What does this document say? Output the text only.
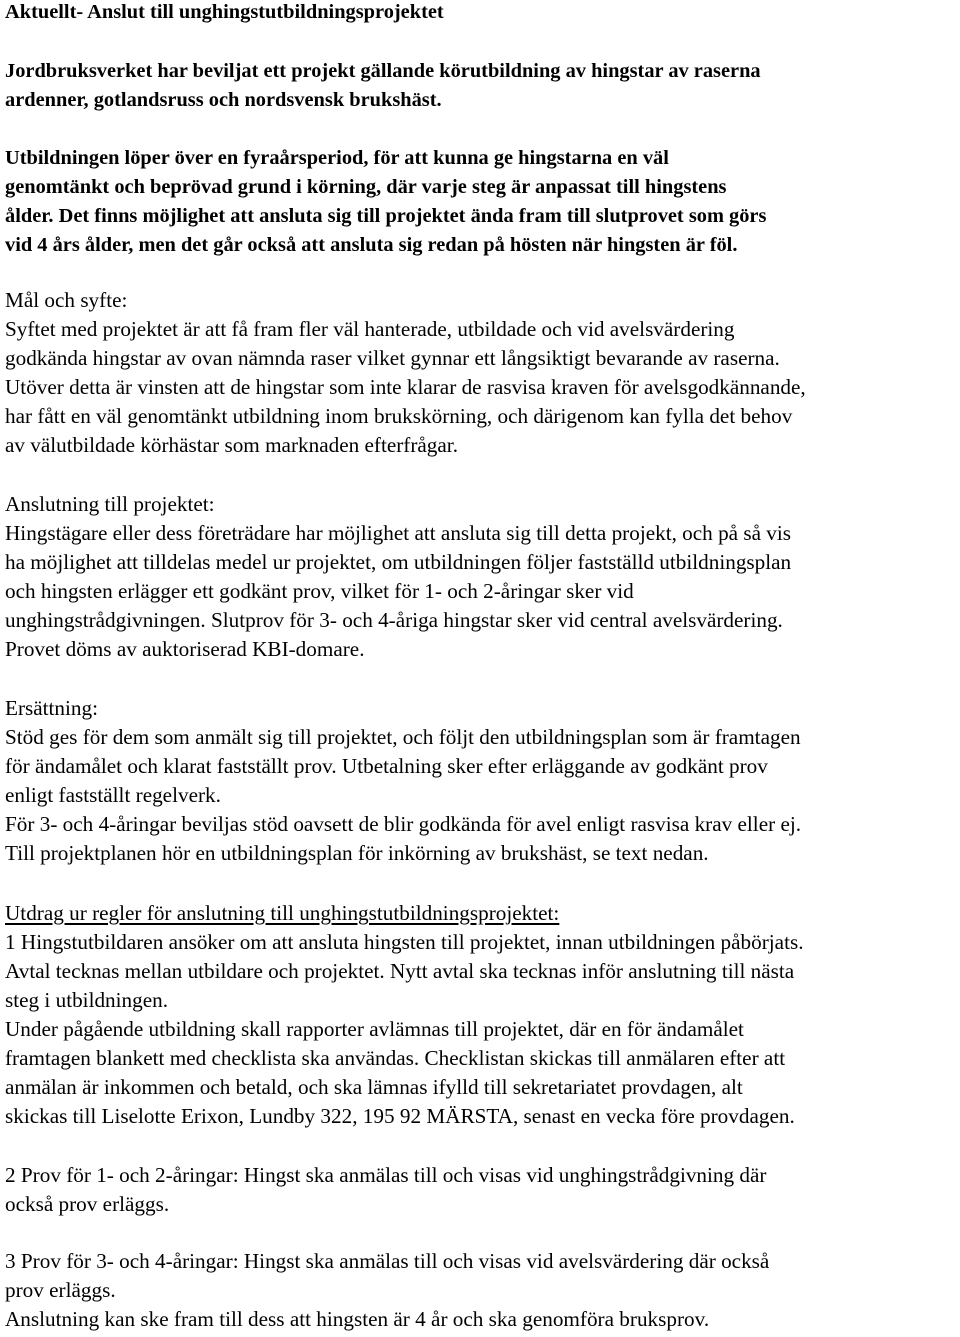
Aktuellt- Anslut till unghingstutbildningsprojektet
Jordbruksverket har beviljat ett projekt gällande körutbildning av hingstar av raserna
ardenner, gotlandsruss och nordsvensk brukshäst.
Utbildningen löper över en fyraårsperiod, för att kunna ge hingstarna en väl
genomtänkt och beprövad grund i körning, där varje steg är anpassat till hingstens
ålder. Det finns möjlighet att ansluta sig till projektet ända fram till slutprovet som görs
vid 4 års ålder, men det går också att ansluta sig redan på hösten när hingsten är föl.
Mål och syfte:
Syftet med projektet är att få fram fler väl hanterade, utbildade och vid avelsvärdering
godkända hingstar av ovan nämnda raser vilket gynnar ett långsiktigt bevarande av raserna.
Utöver detta är vinsten att de hingstar som inte klarar de rasvisa kraven för avelsgodkännande,
har fått en väl genomtänkt utbildning inom brukskörning, och därigenom kan fylla det behov
av välutbildade körhästar som marknaden efterfrågar.
Anslutning till projektet:
Hingstägare eller dess företrädare har möjlighet att ansluta sig till detta projekt, och på så vis
ha möjlighet att tilldelas medel ur projektet, om utbildningen följer fastställd utbildningsplan
och hingsten erlägger ett godkänt prov, vilket för 1- och 2-åringar sker vid
unghingstrådgivningen. Slutprov för 3- och 4-åriga hingstar sker vid central avelsvärdering.
Provet döms av auktoriserad KBI-domare.
Ersättning:
Stöd ges för dem som anmält sig till projektet, och följt den utbildningsplan som är framtagen
för ändamålet och klarat fastställt prov. Utbetalning sker efter erläggande av godkänt prov
enligt fastställt regelverk.
För 3- och 4-åringar beviljas stöd oavsett de blir godkända för avel enligt rasvisa krav eller ej.
Till projektplanen hör en utbildningsplan för inkörning av brukshäst, se text nedan.
Utdrag ur regler för anslutning till unghingstutbildningsprojektet:
1 Hingstutbildaren ansöker om att ansluta hingsten till projektet, innan utbildningen påbörjats.
Avtal tecknas mellan utbildare och projektet. Nytt avtal ska tecknas inför anslutning till nästa
steg i utbildningen.
Under pågående utbildning skall rapporter avlämnas till projektet, där en för ändamålet
framtagen blankett med checklista ska användas. Checklistan skickas till anmälaren efter att
anmälan är inkommen och betald, och ska lämnas ifylld till sekretariatet provdagen, alt
skickas till Liselotte Erixon, Lundby 322, 195 92 MÄRSTA, senast en vecka före provdagen.
2 Prov för 1- och 2-åringar: Hingst ska anmälas till och visas vid unghingstrådgivning där
också prov erläggs.
3 Prov för 3- och 4-åringar: Hingst ska anmälas till och visas vid avelsvärdering där också
prov erläggs.
Anslutning kan ske fram till dess att hingsten är 4 år och ska genomföra bruksprov.
